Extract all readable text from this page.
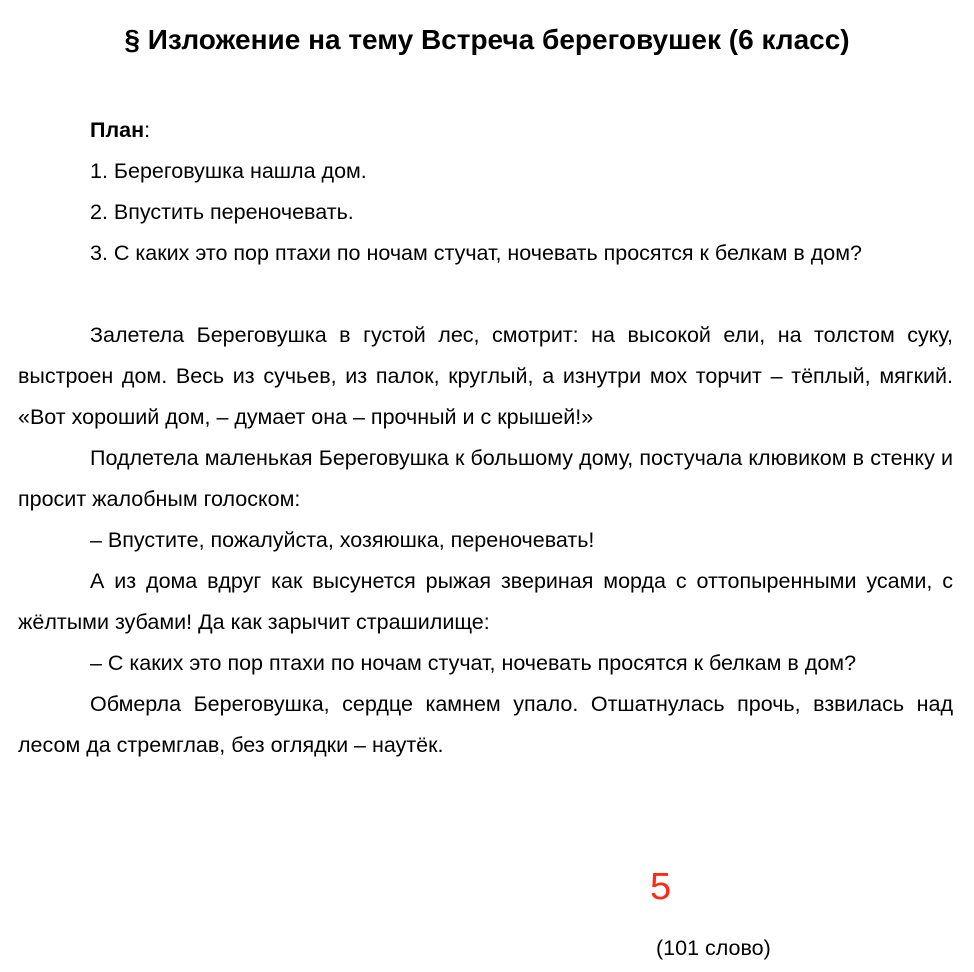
§ Изложение на тему Встреча береговушек (6 класс)

План:

1. Береговушка нашла дом.

2. Впустить переночевать.

3. С каких это пор птахи по ночам стучат, ночевать просятся к белкам в дом?

Залетела Береговушка в густой лес, смотрит: на высокой ели, на толстом суку, выстроен дом. Весь из сучьев, из палок, круглый, а изнутри мох торчит – тёплый, мягкий. «Вот хороший дом, – думает она – прочный и с крышей!»

Подлетела маленькая Береговушка к большому дому, постучала клювиком в стенку и просит жалобным голоском:

– Впустите, пожалуйста, хозяюшка, переночевать!

А из дома вдруг как высунется рыжая звериная морда с оттопыренными усами, с жёлтыми зубами! Да как зарычит страшилище:

– С каких это пор птахи по ночам стучат, ночевать просятся к белкам в дом?

Обмерла Береговушка, сердце камнем упало. Отшатнулась прочь, взвилась над лесом да стремглав, без оглядки – наутёк.

5
(101 слово)
